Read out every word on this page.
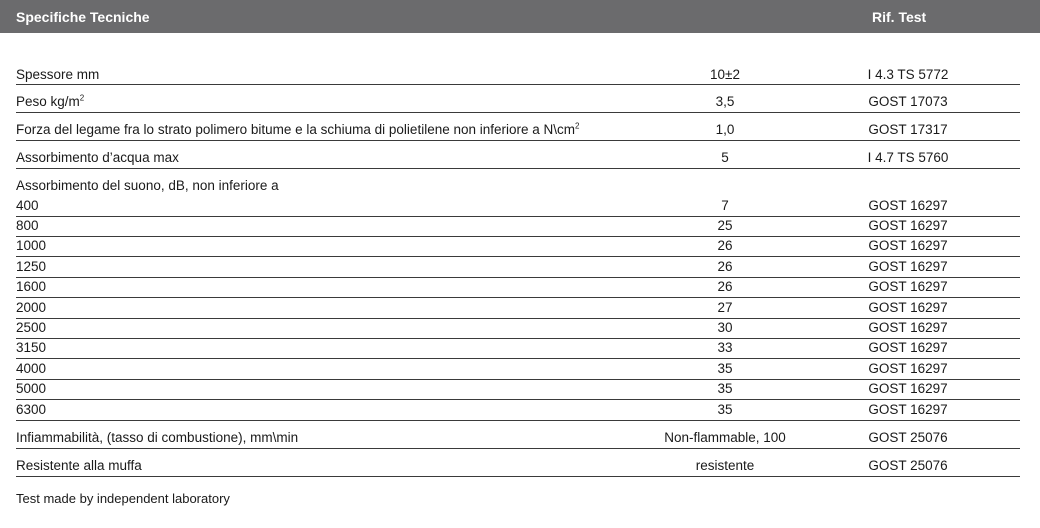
Specifiche Tecniche	Rif. Test
Spessore mm	10±2	I 4.3 TS 5772
Peso $kg/m^2$	3,5	GOST 17073
Forza del legame fra lo strato polimero bitume e la schiuma di polietilene non inferiore a $N\backslash cm^2$	1,0	GOST 17317
Assorbimento d’acqua max	5	I 4.7 TS 5760
Assorbimento del suono, dB, non inferiore a
400	7	GOST 16297
800	25	GOST 16297
1000	26	GOST 16297
1250	26	GOST 16297
1600	26	GOST 16297
2000	27	GOST 16297
2500	30	GOST 16297
3150	33	GOST 16297
4000	35	GOST 16297
5000	35	GOST 16297
6300	35	GOST 16297
Infiammabilità, (tasso di combustione), mm\min	Non-flammable, 100	GOST 25076
Resistente alla muffa	resistente	GOST 25076
Test made by independent laboratory
